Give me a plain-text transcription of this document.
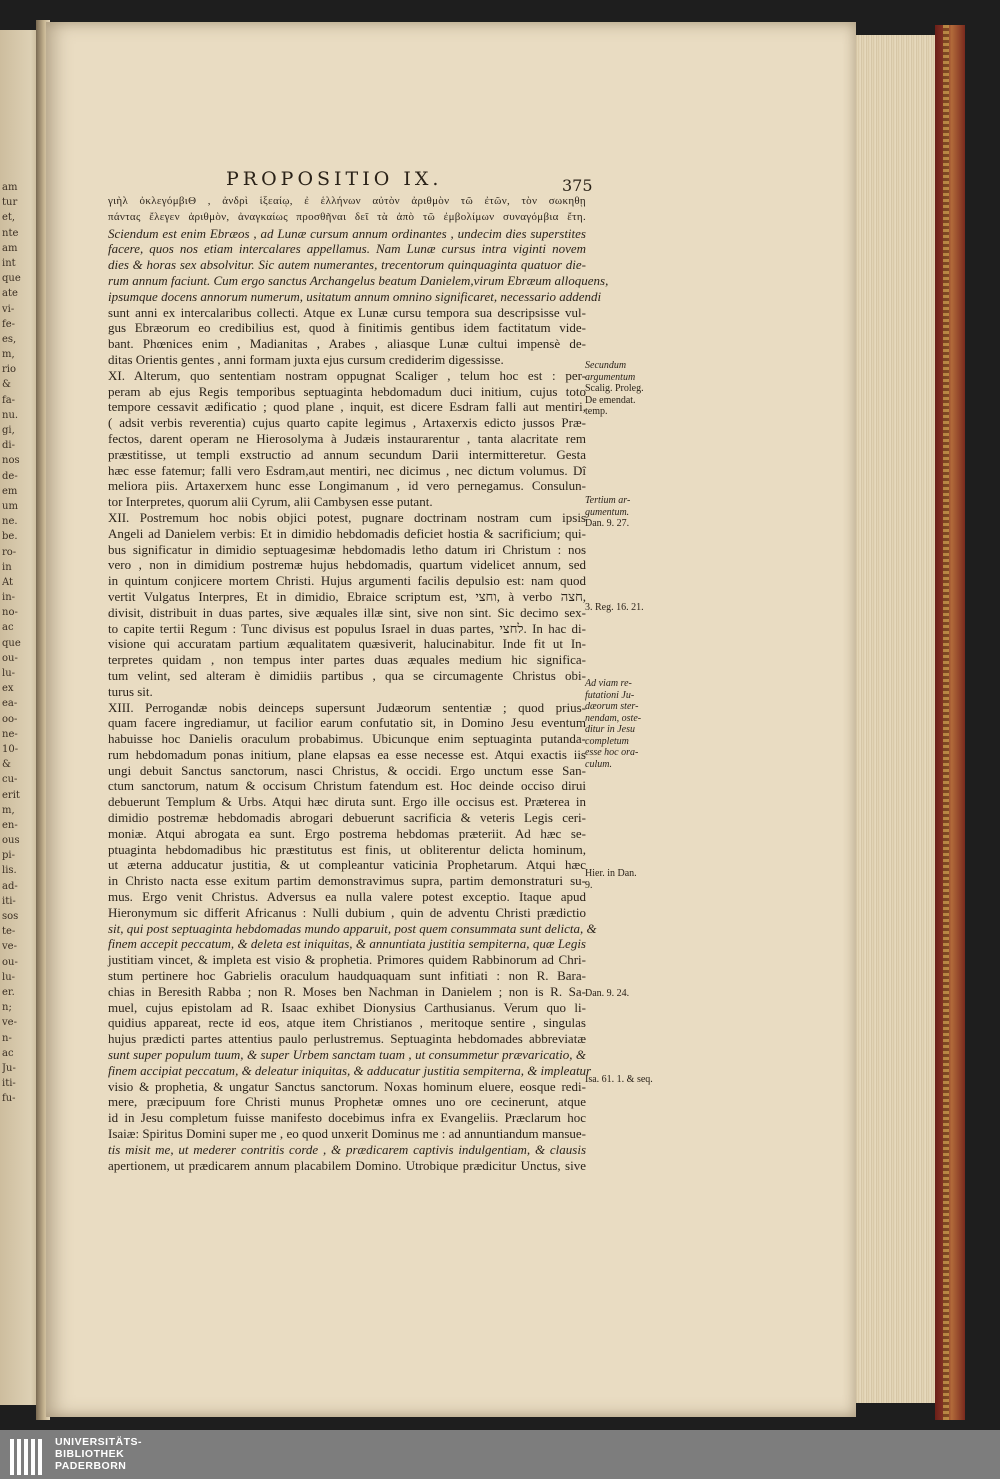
am
tur
et,
nte
am
int
que
ate
vi-
fe-
es,
m,
rio
&
fa-
nu.
gi,
di-
nos
de-
em
um
ne.
be.
ro-
in
At
in-
no-
ac
que
ou-
lu-
ex
ea-
oo-
ne-
10-
&
cu-
erit
m,
en-
ous
pi-
lis.
ad-
iti-
sos
te-
ve-
ou-
lu-
er.
n;
ve-
n-
ac
Ju-
iti-
fu-
PROPOSITIO IX.	375
γιὴλ ὀκλεγόμβιΘ , ἀνδρὶ ἱξεαίῳ, ἐ ἑλλήνων αὐτὸν ἀριθμὸν τῶ ἐτῶν, τὸν σωκηθῃ
πάντας ἔλεγεν ἀριθμὸν, ἀναγκαίως προσθῆναι δεῖ τὰ ἀπὸ τῶ ἐμβολίμων συναγόμβια ἔτη.
Sciendum est enim Ebræos , ad Lunæ cursum annum ordinantes , undecim dies superstites
facere, quos nos etiam intercalares appellamus. Nam Lunæ cursus intra viginti novem
dies & horas sex absolvitur. Sic autem numerantes, trecentorum quinquaginta quatuor die-
rum annum faciunt. Cum ergo sanctus Archangelus beatum Danielem,virum Ebræum alloquens,
ipsumque docens annorum numerum, usitatum annum omnino significaret, necessario addendi
sunt anni ex intercalaribus collecti. Atque ex Lunæ cursu tempora sua descripsisse vul-
gus Ebræorum eo credibilius est, quod à finitimis gentibus idem factitatum vide-
bant. Phœnices enim , Madianitas , Arabes , aliasque Lunæ cultui impensè de-
ditas Orientis gentes , anni formam juxta ejus cursum crediderim digessisse.
XI. Alterum, quo sententiam nostram oppugnat Scaliger , telum hoc est : per-
peram ab ejus Regis temporibus septuaginta hebdomadum duci initium, cujus toto
tempore cessavit ædificatio ; quod plane , inquit, est dicere Esdram falli aut mentiri,
( adsit verbis reverentia) cujus quarto capite legimus , Artaxerxis edicto jussos Præ-
fectos, darent operam ne Hierosolyma à Judæis instaurarentur , tanta alacritate rem
præstitisse, ut templi exstructio ad annum secundum Darii intermitteretur. Gesta
hæc esse fatemur; falli vero Esdram,aut mentiri, nec dicimus , nec dictum volumus. Dî
meliora piis. Artaxerxem hunc esse Longimanum , id vero pernegamus. Consulun-
tor Interpretes, quorum alii Cyrum, alii Cambysen esse putant.
XII. Postremum hoc nobis objici potest, pugnare doctrinam nostram cum ipsis
Angeli ad Danielem verbis: Et in dimidio hebdomadis deficiet hostia & sacrificium; qui-
bus significatur in dimidio septuagesimæ hebdomadis letho datum iri Christum : nos
vero , non in dimidium postremæ hujus hebdomadis, quartum videlicet annum, sed
in quintum conjicere mortem Christi. Hujus argumenti facilis depulsio est: nam quod
vertit Vulgatus Interpres, Et in dimidio, Ebraice scriptum est, וחצי, à verbo חצה,
divisit, distribuit in duas partes, sive æquales illæ sint, sive non sint. Sic decimo sex-
to capite tertii Regum : Tunc divisus est populus Israel in duas partes, לחצי. In hac di-
visione qui accuratam partium æqualitatem quæsiverit, halucinabitur. Inde fit ut In-
terpretes quidam , non tempus inter partes duas æquales medium hic significa-
tum velint, sed alteram è dimidiis partibus , qua se circumagente Christus obi-
turus sit.
XIII. Perrogandæ nobis deinceps supersunt Judæorum sententiæ ; quod prius-
quam facere ingrediamur, ut facilior earum confutatio sit, in Domino Jesu eventum
habuisse hoc Danielis oraculum probabimus. Ubicunque enim septuaginta putanda-
rum hebdomadum ponas initium, plane elapsas ea esse necesse est. Atqui exactis iis
ungi debuit Sanctus sanctorum, nasci Christus, & occidi. Ergo unctum esse San-
ctum sanctorum, natum & occisum Christum fatendum est. Hoc deinde occiso dirui
debuerunt Templum & Urbs. Atqui hæc diruta sunt. Ergo ille occisus est. Præterea in
dimidio postremæ hebdomadis abrogari debuerunt sacrificia & veteris Legis ceri-
moniæ. Atqui abrogata ea sunt. Ergo postrema hebdomas præteriit. Ad hæc se-
ptuaginta hebdomadibus hic præstitutus est finis, ut obliterentur delicta hominum,
ut æterna adducatur justitia, & ut compleantur vaticinia Prophetarum. Atqui hæc
in Christo nacta esse exitum partim demonstravimus supra, partim demonstraturi su-
mus. Ergo venit Christus. Adversus ea nulla valere potest exceptio. Itaque apud
Hieronymum sic differit Africanus : Nulli dubium , quin de adventu Christi prædictio
sit, qui post septuaginta hebdomadas mundo apparuit, post quem consummata sunt delicta, &
finem accepit peccatum, & deleta est iniquitas, & annuntiata justitia sempiterna, quæ Legis
justitiam vincet, & impleta est visio & prophetia. Primores quidem Rabbinorum ad Chri-
stum pertinere hoc Gabrielis oraculum haudquaquam sunt infitiati : non R. Bara-
chias in Beresith Rabba ; non R. Moses ben Nachman in Danielem ; non is R. Sa-
muel, cujus epistolam ad R. Isaac exhibet Dionysius Carthusianus. Verum quo li-
quidius appareat, recte id eos, atque item Christianos , meritoque sentire , singulas
hujus prædicti partes attentius paulo perlustremus. Septuaginta hebdomades abbreviatæ
sunt super populum tuum, & super Urbem sanctam tuam , ut consummetur prævaricatio, &
finem accipiat peccatum, & deleatur iniquitas, & adducatur justitia sempiterna, & impleatur
visio & prophetia, & ungatur Sanctus sanctorum. Noxas hominum eluere, eosque redi-
mere, præcipuum fore Christi munus Prophetæ omnes uno ore cecinerunt, atque
id in Jesu completum fuisse manifesto docebimus infra ex Evangeliis. Præclarum hoc
Isaiæ: Spiritus Domini super me , eo quod unxerit Dominus me : ad annuntiandum mansue-
tis misit me, ut mederer contritis corde , & prædicarem captivis indulgentiam, & clausis
apertionem, ut prædicarem annum placabilem Domino. Utrobique prædicitur Unctus, sive
Secundum
argumentum
Scalig. Proleg.
De emendat.
temp.
Tertium ar-
gumentum.
Dan. 9. 27.
3. Reg. 16. 21.
Ad viam re-
futationi Ju-
dæorum ster-
nendam, oste-
ditur in Jesu
completum
esse hoc ora-
culum.
Hier. in Dan.
9.
Dan. 9. 24.
Isa. 61. 1. & seq.
UNIVERSITÄTS-
BIBLIOTHEK
PADERBORN
